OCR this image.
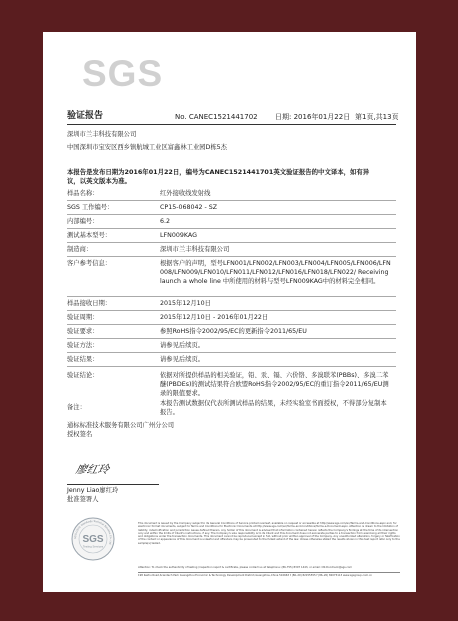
SGS
验证报告	No. CANEC1521441702 日期: 2016年01月22日 第1页,共13页
深圳市兰丰科技有限公司
中国深圳市宝安区西乡镇航城工业区富鑫林工业园D栋5杰
本报告是发布日期为2016年01月22日，编号为CANEC1521441701英文验证报告的中文译本，如有异
议，以英文版本为准。
样品名称：	红外接收线发射线
SGS 工作编号：	CP15-068042 - SZ
内部编号：	6.2
测试基本型号：	LFN009KAG
制造商：	深圳市兰丰科技有限公司
客户参考信息：	根据客户的声明，型号LFN001/LFN002/LFN003/LFN004/LFN005/LFN006/LFN008/LFN009/LFN010/LFN011/LFN012/LFN016/LFN018/LFN022/ Receiving launch a whole line 中所使用的材料与型号LFN009KAG中的材料完全相同。
样品接收日期：	2015年12月10日
验证周期：	2015年12月10日 - 2016年01月22日
验证要求：	参照RoHS指令2002/95/EC的更新指令2011/65/EU
验证方法：	请参见后续页。
验证结果：	请参见后续页。
验证结论：	依据对所提供样品的相关验证，铅、汞、镉、六价铬、多溴联苯(PBBs)、多溴二苯醚(PBDEs)的测试结果符合欧盟RoHS指令2002/95/EC的重订指令2011/65/EU测录的限值要求。
备注：
本报告测试数据仅代表所测试样品的结果，未经实验室书面授权，不得部分复制本报告。
通标标准技术服务有限公司广州分公司
授权签名
廖红玲
Jenny Liao廖红玲
批准签署人
SGS-CSTC Standards Technical Services Co., Ltd.
SGS
Testing Services
This document is issued by the Company subject to its General Conditions of Service printed overleaf, available on request or accessible at http://www.sgs.com/en/Terms-and-Conditions.aspx and, for electronic format documents, subject to Terms and Conditions for Electronic Documents at http://www.sgs.com/en/Terms-and-Conditions/Terms-e-Document.aspx. Attention is drawn to the limitation of liability, indemnification and jurisdiction issues defined therein. Any holder of this document is advised that information contained hereon reflects the Company's findings at the time of its intervention only and within the limits of Client's instructions, if any. The Company's sole responsibility is to its Client and this document does not exonerate parties to a transaction from exercising all their rights and obligations under the transaction documents. This document cannot be reproduced except in full, without prior written approval of the Company. Any unauthorized alteration, forgery or falsification of the content or appearance of this document is unlawful and offenders may be prosecuted to the fullest extent of the law. Unless otherwise stated the results shown in this test report refer only to the sample(s) tested.
Attention: To check the authenticity of testing /inspection report & certificate, please contact us at telephone: (86-755) 8307 1443, or email: CN.Doccheck@sgs.com
198 Kezhu Road,Scientech Park Guangzhou Economic & Technology Development District,Guangzhou,China 510663 t (86–20) 82155555 f (86–20) 82075113 www.sgsgroup.com.cn
